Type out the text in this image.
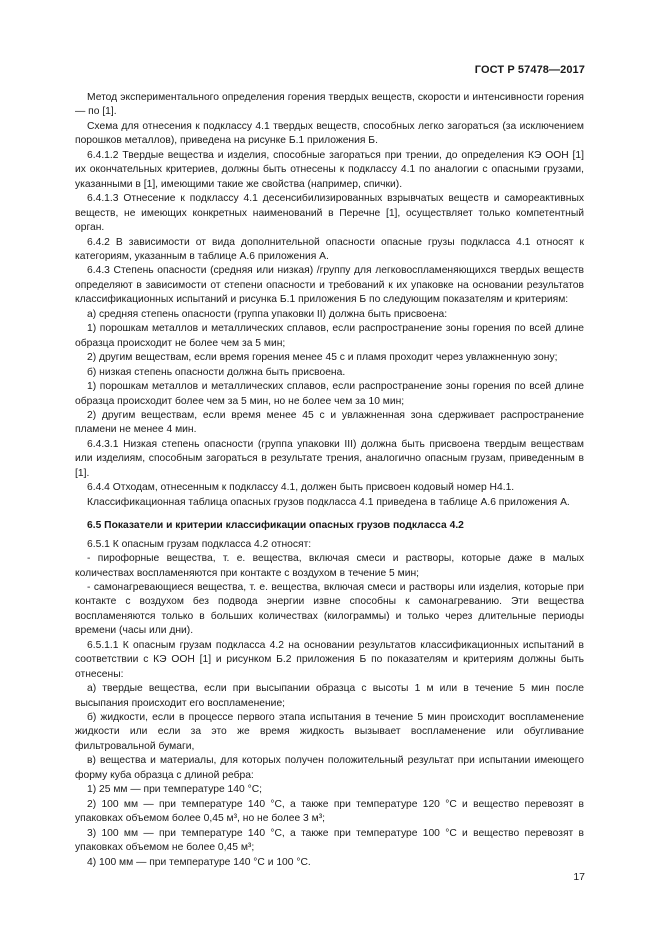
ГОСТ Р 57478—2017

Метод экспериментального определения горения твердых веществ, скорости и интенсивности горения — по [1].

Схема для отнесения к подклассу 4.1 твердых веществ, способных легко загораться (за исключением порошков металлов), приведена на рисунке Б.1 приложения Б.

6.4.1.2 Твердые вещества и изделия, способные загораться при трении, до определения КЭ ООН [1] их окончательных критериев, должны быть отнесены к подклассу 4.1 по аналогии с опасными грузами, указанными в [1], имеющими такие же свойства (например, спички).

6.4.1.3 Отнесение к подклассу 4.1 десенсибилизированных взрывчатых веществ и самореактивных веществ, не имеющих конкретных наименований в Перечне [1], осуществляет только компетентный орган.

6.4.2 В зависимости от вида дополнительной опасности опасные грузы подкласса 4.1 относят к категориям, указанным в таблице А.6 приложения А.

6.4.3 Степень опасности (средняя или низкая) /группу для легковоспламеняющихся твердых веществ определяют в зависимости от степени опасности и требований к их упаковке на основании результатов классификационных испытаний и рисунка Б.1 приложения Б по следующим показателям и критериям:

а) средняя степень опасности (группа упаковки II) должна быть присвоена:

1) порошкам металлов и металлических сплавов, если распространение зоны горения по всей длине образца происходит не более чем за 5 мин;

2) другим веществам, если время горения менее 45 с и пламя проходит через увлажненную зону;

б) низкая степень опасности должна быть присвоена.

1) порошкам металлов и металлических сплавов, если распространение зоны горения по всей длине образца происходит более чем за 5 мин, но не более чем за 10 мин;

2) другим веществам, если время менее 45 с и увлажненная зона сдерживает распространение пламени не менее 4 мин.

6.4.3.1 Низкая степень опасности (группа упаковки III) должна быть присвоена твердым веществам или изделиям, способным загораться в результате трения, аналогично опасным грузам, приведенным в [1].

6.4.4 Отходам, отнесенным к подклассу 4.1, должен быть присвоен кодовый номер Н4.1.

Классификационная таблица опасных грузов подкласса 4.1 приведена в таблице А.6 приложения А.

6.5 Показатели и критерии классификации опасных грузов подкласса 4.2

6.5.1 К опасным грузам подкласса 4.2 относят:

- пирофорные вещества, т. е. вещества, включая смеси и растворы, которые даже в малых количествах воспламеняются при контакте с воздухом в течение 5 мин;

- самонагревающиеся вещества, т. е. вещества, включая смеси и растворы или изделия, которые при контакте с воздухом без подвода энергии извне способны к самонагреванию. Эти вещества воспламеняются только в больших количествах (килограммы) и только через длительные периоды времени (часы или дни).

6.5.1.1 К опасным грузам подкласса 4.2 на основании результатов классификационных испытаний в соответствии с КЭ ООН [1] и рисунком Б.2 приложения Б по показателям и критериям должны быть отнесены:

а) твердые вещества, если при высыпании образца с высоты 1 м или в течение 5 мин после высыпания происходит его воспламенение;

б) жидкости, если в процессе первого этапа испытания в течение 5 мин происходит воспламенение жидкости или если за это же время жидкость вызывает воспламенение или обугливание фильтровальной бумаги,

в) вещества и материалы, для которых получен положительный результат при испытании имеющего форму куба образца с длиной ребра:

1) 25 мм — при температуре 140 °С;

2) 100 мм — при температуре 140 °С, а также при температуре 120 °С и вещество перевозят в упаковках объемом более 0,45 м³, но не более 3 м³;

3) 100 мм — при температуре 140 °С, а также при температуре 100 °С и вещество перевозят в упаковках объемом не более 0,45 м³;

4) 100 мм — при температуре 140 °С и 100 °С.

17
